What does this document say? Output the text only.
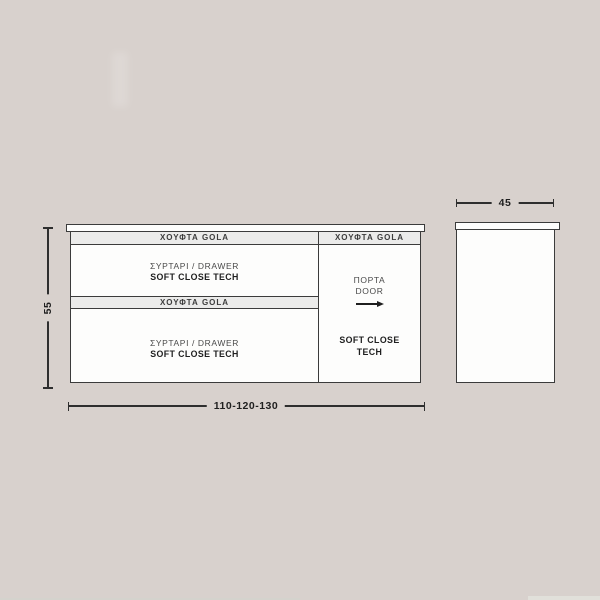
ΧΟΥΦΤΑ GOLA	ΧΟΥΦΤΑ GOLA
ΧΟΥΦΤΑ GOLA
ΣΥΡΤΑΡΙ / DRAWER
SOFT CLOSE TECH
ΣΥΡΤΑΡΙ / DRAWER
SOFT CLOSE TECH
ΠΟΡΤΑ
DOOR
SOFT CLOSE
TECH
55
110-120-130
45
